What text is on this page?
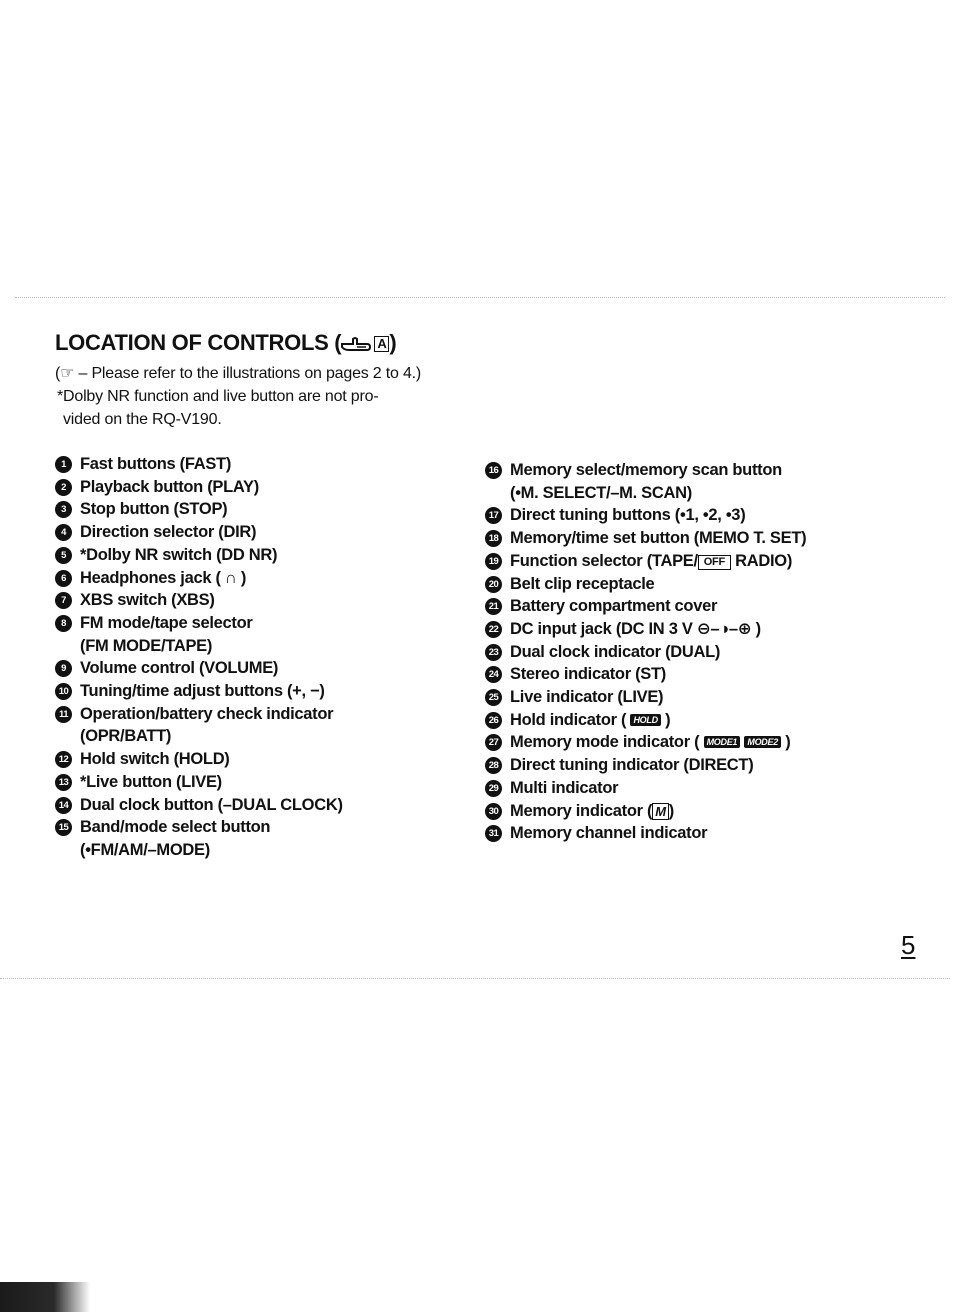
LOCATION OF CONTROLS (	A )
(☞ – Please refer to the illustrations on pages 2 to 4.)
*Dolby NR function and live button are not pro-
vided on the RQ-V190.
1 Fast buttons (FAST)
2 Playback button (PLAY)
3 Stop button (STOP)
4 Direction selector (DIR)
5 *Dolby NR switch (DD NR)
6 Headphones jack ( ∩ )
7 XBS switch (XBS)
8 FM mode/tape selector
(FM MODE/TAPE)
9 Volume control (VOLUME)
10 Tuning/time adjust buttons (+, −)
11 Operation/battery check indicator
(OPR/BATT)
12 Hold switch (HOLD)
13 *Live button (LIVE)
14 Dual clock button (–DUAL CLOCK)
15 Band/mode select button
(•FM/AM/–MODE)
16 Memory select/memory scan button
(•M. SELECT/–M. SCAN)
17 Direct tuning buttons (•1, •2, •3)
18 Memory/time set button (MEMO T. SET)
19 Function selector (TAPE/ OFF RADIO)
20 Belt clip receptacle
21 Battery compartment cover
22 DC input jack (DC IN 3 V ⊖–◑–⊕ )
23 Dual clock indicator (DUAL)
24 Stereo indicator (ST)
25 Live indicator (LIVE)
26 Hold indicator ( HOLD )
27 Memory mode indicator ( MODE1 MODE2 )
28 Direct tuning indicator (DIRECT)
29 Multi indicator
30 Memory indicator ( M )
31 Memory channel indicator
5
